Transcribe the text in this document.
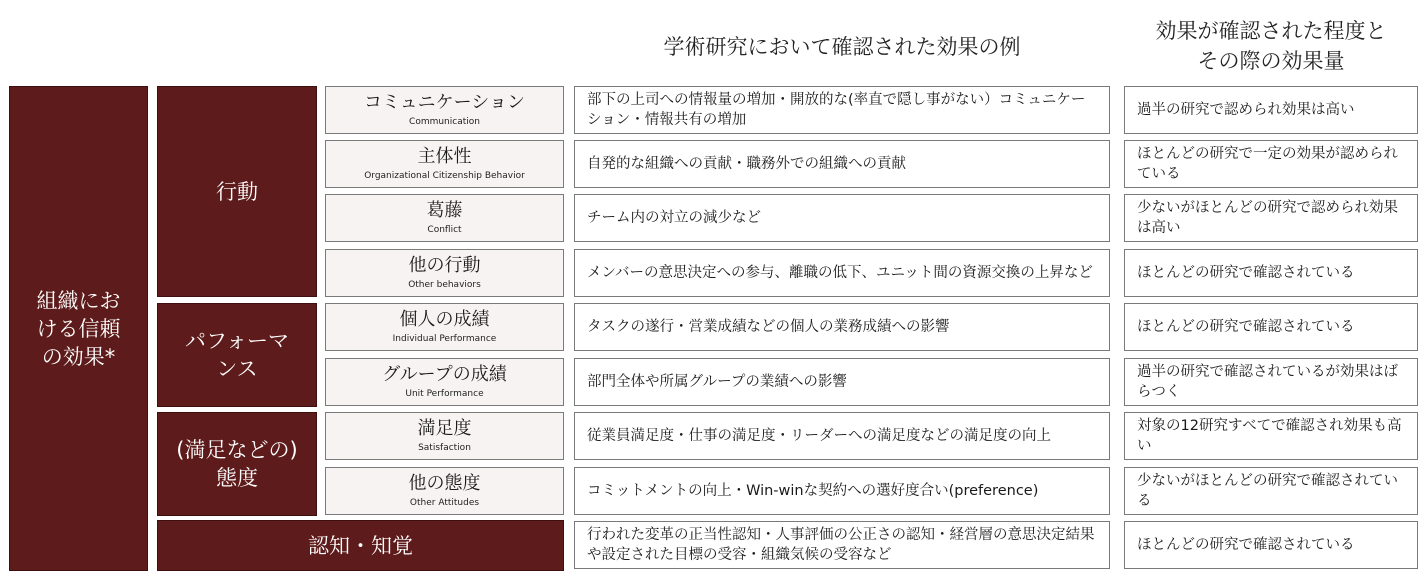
学術研究において確認された効果の例
効果が確認された程度と
その際の効果量
組織にお
ける信頼
の効果*
行動
パフォーマ
ンス
(満足などの)
態度
認知・知覚
コミュニケーション
Communication
主体性
Organizational Citizenship Behavior
葛藤
Conflict
他の行動
Other behaviors
個人の成績
Individual Performance
グループの成績
Unit Performance
満足度
Satisfaction
他の態度
Other Attitudes
部下の上司への情報量の増加・開放的な(率直で隠し事がない）コミュニケーション・情報共有の増加
自発的な組織への貢献・職務外での組織への貢献
チーム内の対立の減少など
メンバーの意思決定への参与、離職の低下、ユニット間の資源交換の上昇など
タスクの遂行・営業成績などの個人の業務成績への影響
部門全体や所属グループの業績への影響
従業員満足度・仕事の満足度・リーダーへの満足度などの満足度の向上
コミットメントの向上・Win-winな契約への選好度合い(preference)
行われた変革の正当性認知・人事評価の公正さの認知・経営層の意思決定結果や設定された目標の受容・組織気候の受容など
過半の研究で認められ効果は高い
ほとんどの研究で一定の効果が認められている
少ないがほとんどの研究で認められ効果は高い
ほとんどの研究で確認されている
ほとんどの研究で確認されている
過半の研究で確認されているが効果はばらつく
対象の12研究すべてで確認され効果も高い
少ないがほとんどの研究で確認されている
ほとんどの研究で確認されている
